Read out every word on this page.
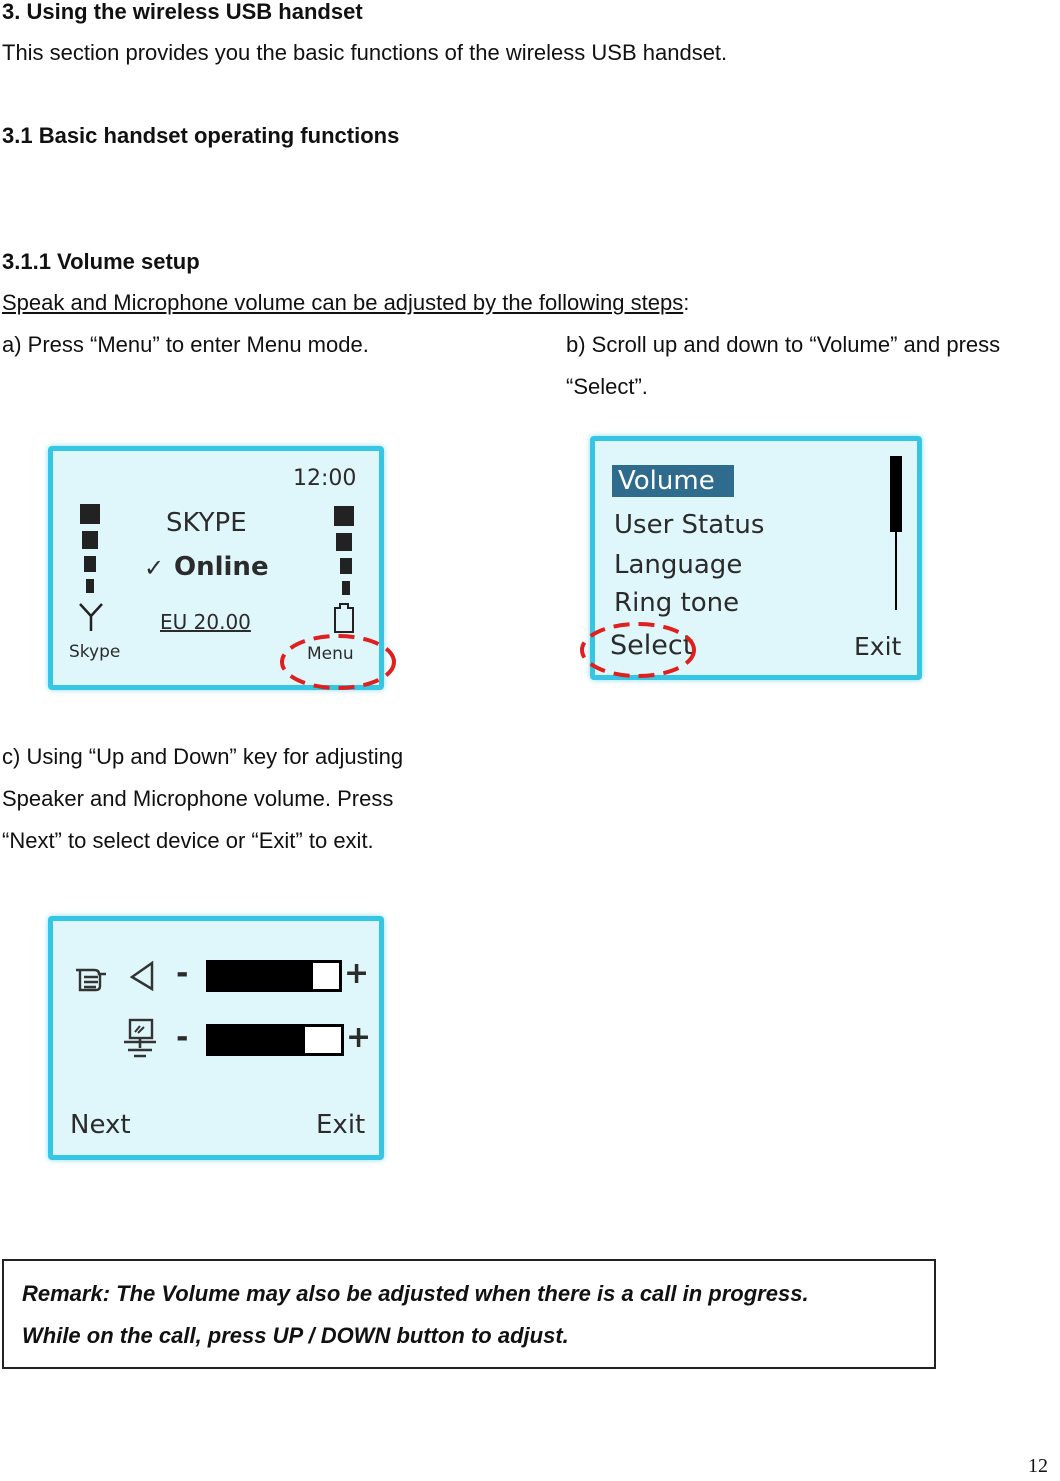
3. Using the wireless USB handset
This section provides you the basic functions of the wireless USB handset.
3.1 Basic handset operating functions
3.1.1 Volume setup
Speak and Microphone volume can be adjusted by the following steps:
a) Press “Menu” to enter Menu mode.	b) Scroll up and down to “Volume” and press
“Select”.
12:00
SKYPE
✓ Online
EU 20.00
Skype	Menu
Volume
User Status
Language
Ring tone
Select	Exit
c) Using “Up and Down” key for adjusting
Speaker and Microphone volume. Press
“Next” to select device or “Exit” to exit.
-	+
-	+
Next	Exit
Remark: The Volume may also be adjusted when there is a call in progress.
While on the call, press UP / DOWN button to adjust.
12
